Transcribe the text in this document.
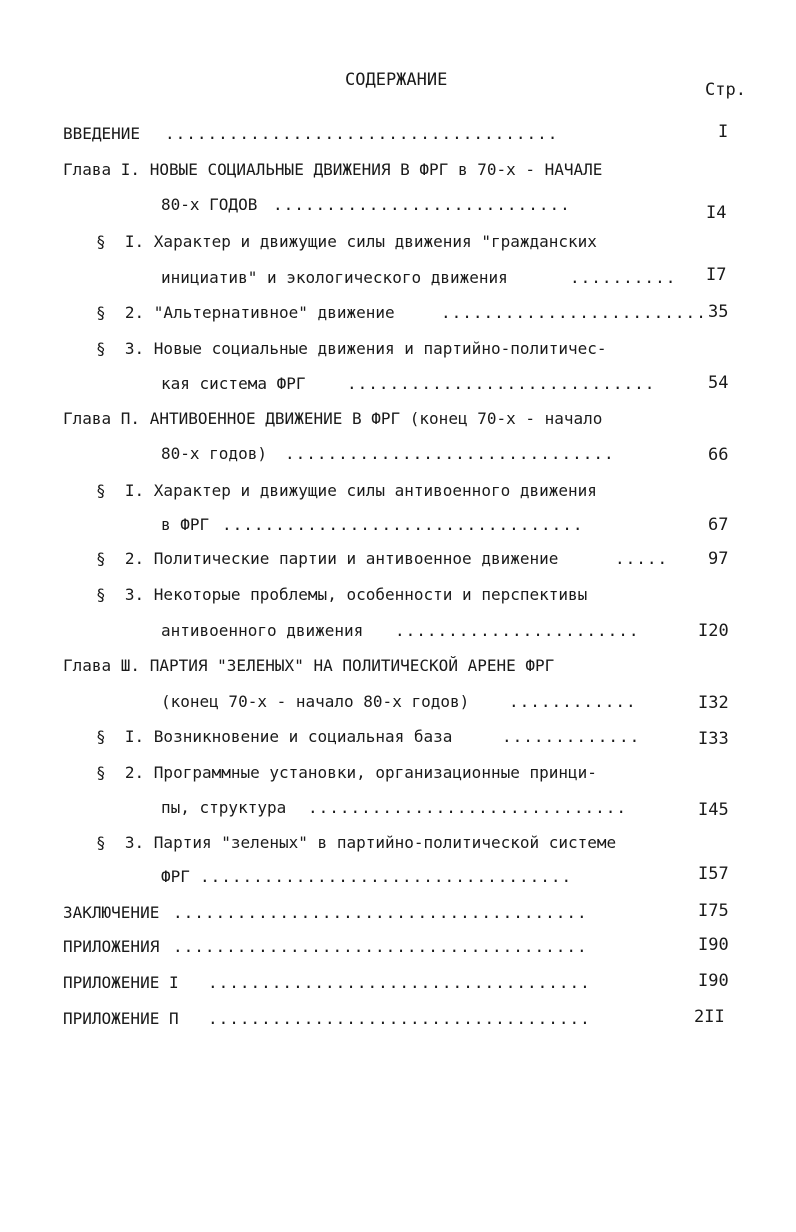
СОДЕРЖАНИЕ	Стр.
ВВЕДЕНИЕ .....................................	I
Глава I. НОВЫЕ СОЦИАЛЬНЫЕ ДВИЖЕНИЯ В ФРГ в 70-х - НАЧАЛЕ
80-х ГОДОВ ............................	I4
§  I. Характер и движущие силы движения "гражданских
инициатив" и экологического движения	.......... I7
§  2. "Альтернативное" движение	......................... 35
§  3. Новые социальные движения и партийно-политичес-
кая система ФРГ	.............................	54
Глава П. АНТИВОЕННОЕ ДВИЖЕНИЕ В ФРГ (конец 70-х - начало
80-х годов) ...............................	66
§  I. Характер и движущие силы антивоенного движения
в ФРГ ..................................	67
§  2. Политические партии и антивоенное движение	..... 97
§  3. Некоторые проблемы, особенности и перспективы
антивоенного движения .......................	I20
Глава Ш. ПАРТИЯ "ЗЕЛЕНЫХ" НА ПОЛИТИЧЕСКОЙ АРЕНЕ ФРГ
(конец 70-х - начало 80-х годов) ............	I32
§  I. Возникновение и социальная база	.............	I33
§  2. Программные установки, организационные принци-
пы, структура ..............................	I45
§  3. Партия "зеленых" в партийно-политической системе
ФРГ ...................................	I57
ЗАКЛЮЧЕНИЕ .......................................	I75
ПРИЛОЖЕНИЯ .......................................	I90
ПРИЛОЖЕНИЕ I ....................................	I90
ПРИЛОЖЕНИЕ П ....................................	2II
